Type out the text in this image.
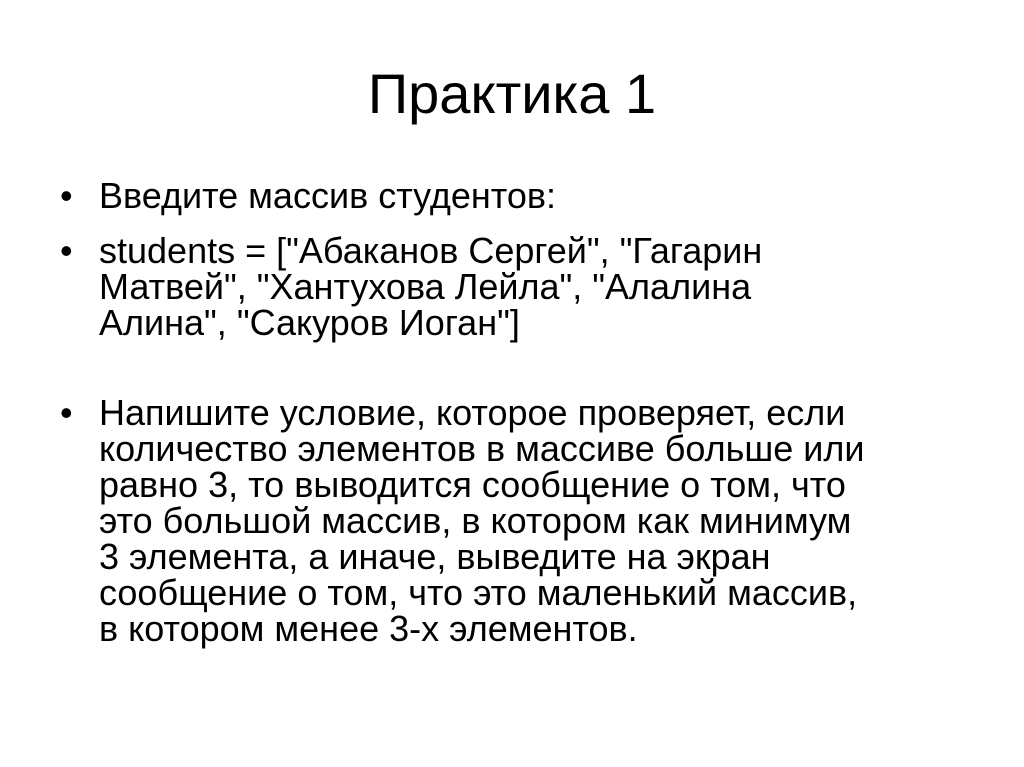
Практика 1
• Введите массив студентов:
• students = ["Абаканов Сергей", "Гагарин
Матвей", "Хантухова Лейла", "Алалина
Алина", "Сакуров Иоган"]
• Напишите условие, которое проверяет, если
количество элементов в массиве больше или
равно 3, то выводится сообщение о том, что
это большой массив, в котором как минимум
3 элемента, а иначе, выведите на экран
сообщение о том, что это маленький массив,
в котором менее 3-х элементов.
